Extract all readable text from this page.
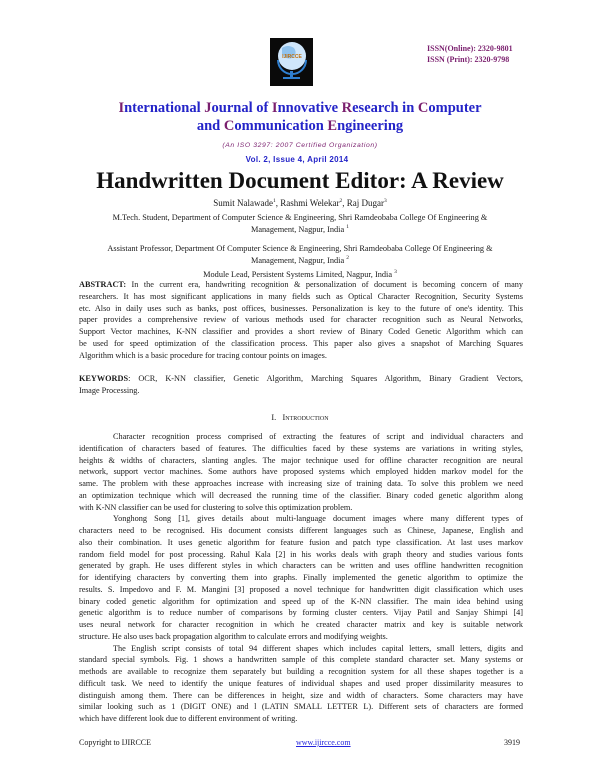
IJIRCCE
ISSN(Online): 2320-9801
ISSN (Print): 2320-9798
International Journal of Innovative Research in Computer
and Communication Engineering
(An ISO 3297: 2007 Certified Organization)
Vol. 2, Issue 4, April 2014
Handwritten Document Editor: A Review
Sumit Nalawade$^1$, Rashmi Welekar$^2$, Raj Dugar$^3$
M.Tech. Student, Department of Computer Science & Engineering, Shri Ramdeobaba College Of Engineering &
Management, Nagpur, India $^1$
Assistant Professor, Department Of Computer Science & Engineering, Shri Ramdeobaba College Of Engineering &
Management, Nagpur, India $^2$
Module Lead, Persistent Systems Limited, Nagpur, India $^3$
ABSTRACT: In the current era, handwriting recognition & personalization of document is becoming concern of many
researchers. It has most significant applications in many fields such as Optical Character Recognition, Security Systems
etc. Also in daily uses such as banks, post offices, businesses. Personalization is key to the future of one's identity. This
paper provides a comprehensive review of various methods used for character recognition such as Neural Networks,
Support Vector machines, K-NN classifier and provides a short review of Binary Coded Genetic Algorithm which can
be used for speed optimization of the classification process. This paper also gives a snapshot of Marching Squares
Algorithm which is a basic procedure for tracing contour points on images.
KEYWORDS: OCR, K-NN classifier, Genetic Algorithm, Marching Squares Algorithm, Binary Gradient Vectors,
Image Processing.
I. Introduction
Character recognition process comprised of extracting the features of script and individual characters and
identification of characters based of features. The difficulties faced by these systems are variations in writing styles,
heights & widths of characters, slanting angles. The major technique used for offline character recognition are neural
network, support vector machines. Some authors have proposed systems which employed hidden markov model for the
same. The problem with these approaches increase with increasing size of training data. To solve this problem we need
an optimization technique which will decreased the running time of the classifier. Binary coded genetic algorithm along
with K-NN classifier can be used for clustering to solve this optimization problem.
Yonghong Song [1], gives details about multi-language document images where many different types of
characters need to be recognised. His document consists different languages such as Chinese, Japanese, English and
also their combination. It uses genetic algorithm for feature fusion and patch type classification. At last uses markov
random field model for post processing. Rahul Kala [2] in his works deals with graph theory and studies various fonts
generated by graph. He uses different styles in which characters can be written and uses offline handwritten recognition
for identifying characters by converting them into graphs. Finally implemented the genetic algorithm to optimize the
results. S. Impedovo and F. M. Mangini [3] proposed a novel technique for handwritten digit classification which uses
binary coded genetic algorithm for optimization and speed up of the K-NN classifier. The main idea behind using
genetic algorithm is to reduce number of comparisons by forming cluster centers. Vijay Patil and Sanjay Shimpi [4]
uses neural network for character recognition in which he created character matrix and key is suitable network
structure. He also uses back propagation algorithm to calculate errors and modifying weights.
The English script consists of total 94 different shapes which includes capital letters, small letters, digits and
standard special symbols. Fig. 1 shows a handwritten sample of this complete standard character set. Many systems or
methods are available to recognize them separately but building a recognition system for all these shapes together is a
difficult task. We need to identify the unique features of individual shapes and used proper dissimilarity measures to
distinguish among them. There can be differences in height, size and width of characters. Some characters may have
similar looking such as 1 (DIGIT ONE) and l (LATIN SMALL LETTER L). Different sets of characters are formed
which have different look due to different environment of writing.
Copyright to IJIRCCE	www.ijircce.com	3919
